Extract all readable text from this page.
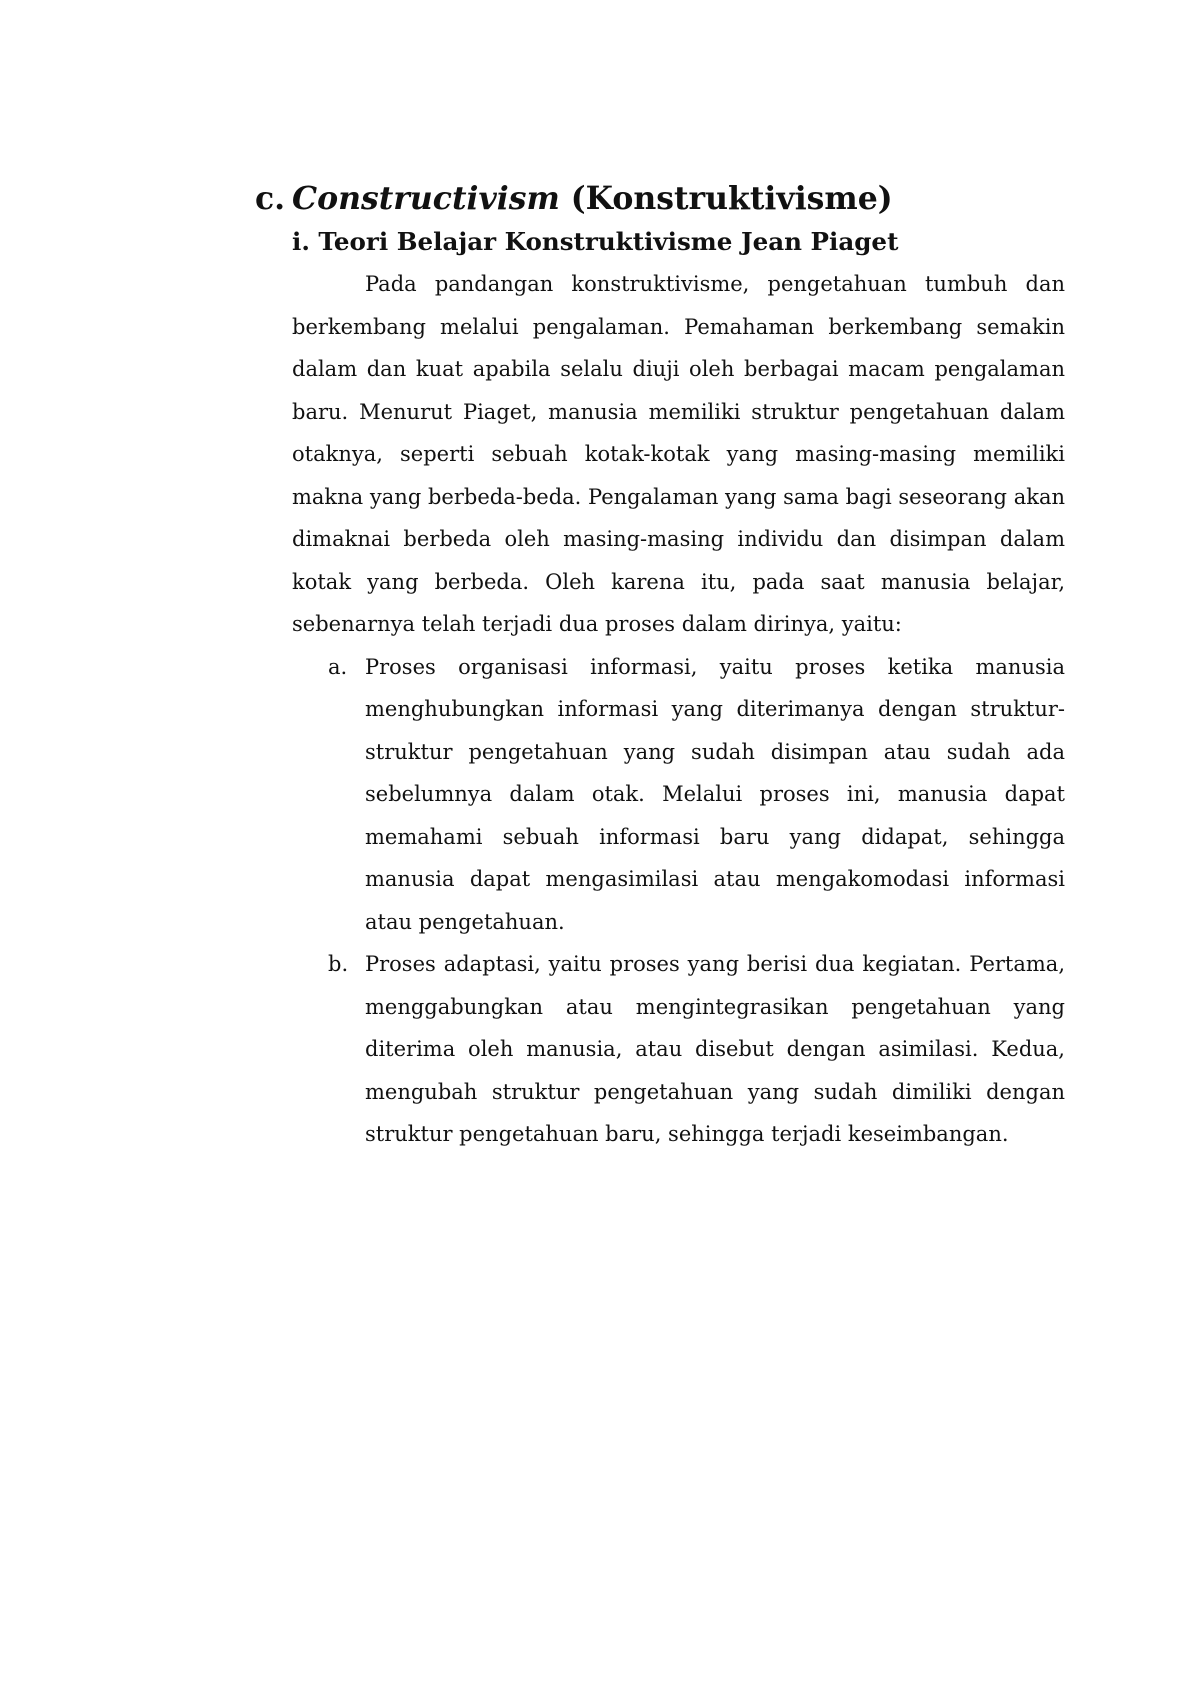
c. Constructivism (Konstruktivisme)
i. Teori Belajar Konstruktivisme Jean Piaget

Pada pandangan konstruktivisme, pengetahuan tumbuh dan berkembang melalui pengalaman. Pemahaman berkembang semakin dalam dan kuat apabila selalu diuji oleh berbagai macam pengalaman baru. Menurut Piaget, manusia memiliki struktur pengetahuan dalam otaknya, seperti sebuah kotak-kotak yang masing-masing memiliki makna yang berbeda-beda. Pengalaman yang sama bagi seseorang akan dimaknai berbeda oleh masing-masing individu dan disimpan dalam kotak yang berbeda. Oleh karena itu, pada saat manusia belajar, sebenarnya telah terjadi dua proses dalam dirinya, yaitu:

a. Proses organisasi informasi, yaitu proses ketika manusia menghubungkan informasi yang diterimanya dengan struktur-struktur pengetahuan yang sudah disimpan atau sudah ada sebelumnya dalam otak. Melalui proses ini, manusia dapat memahami sebuah informasi baru yang didapat, sehingga manusia dapat mengasimilasi atau mengakomodasi informasi atau pengetahuan.
b. Proses adaptasi, yaitu proses yang berisi dua kegiatan. Pertama, menggabungkan atau mengintegrasikan pengetahuan yang diterima oleh manusia, atau disebut dengan asimilasi. Kedua, mengubah struktur pengetahuan yang sudah dimiliki dengan struktur pengetahuan baru, sehingga terjadi keseimbangan.
